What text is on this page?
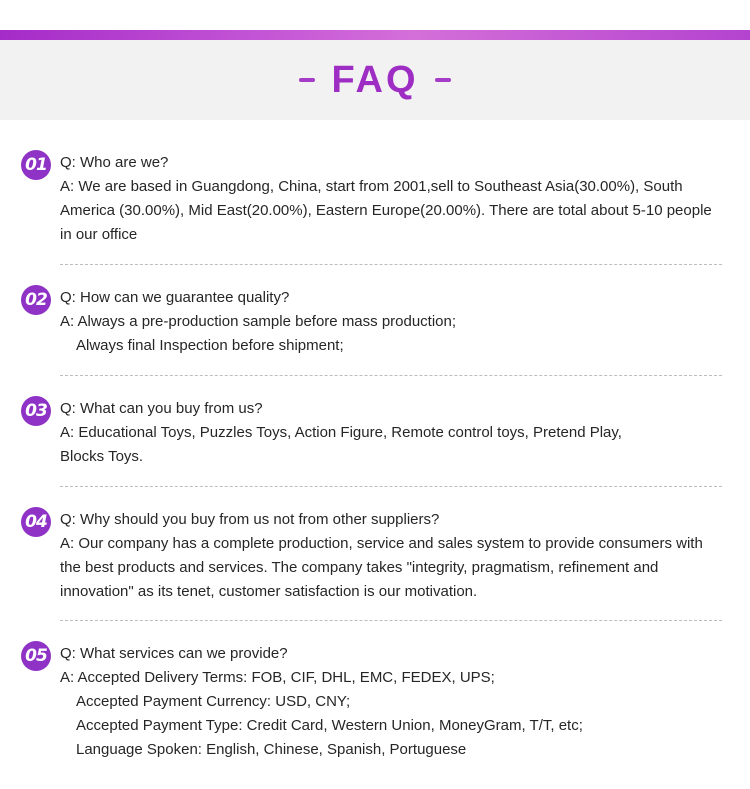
FAQ
01 Q: Who are we?
A: We are based in Guangdong, China, start from 2001,sell to Southeast Asia(30.00%), South America (30.00%), Mid East(20.00%), Eastern Europe(20.00%). There are total about 5-10 people in our office
02 Q: How can we guarantee quality?
A: Always a pre-production sample before mass production;
Always final Inspection before shipment;
03 Q: What can you buy from us?
A: Educational Toys, Puzzles Toys, Action Figure, Remote control toys, Pretend Play, Blocks Toys.
04 Q: Why should you buy from us not from other suppliers?
A: Our company has a complete production, service and sales system to provide consumers with the best products and services. The company takes "integrity, pragmatism, refinement and innovation" as its tenet, customer satisfaction is our motivation.
05 Q: What services can we provide?
A: Accepted Delivery Terms: FOB, CIF, DHL, EMC, FEDEX, UPS;
Accepted Payment Currency: USD, CNY;
Accepted Payment Type: Credit Card, Western Union, MoneyGram, T/T, etc;
Language Spoken: English, Chinese, Spanish, Portuguese
